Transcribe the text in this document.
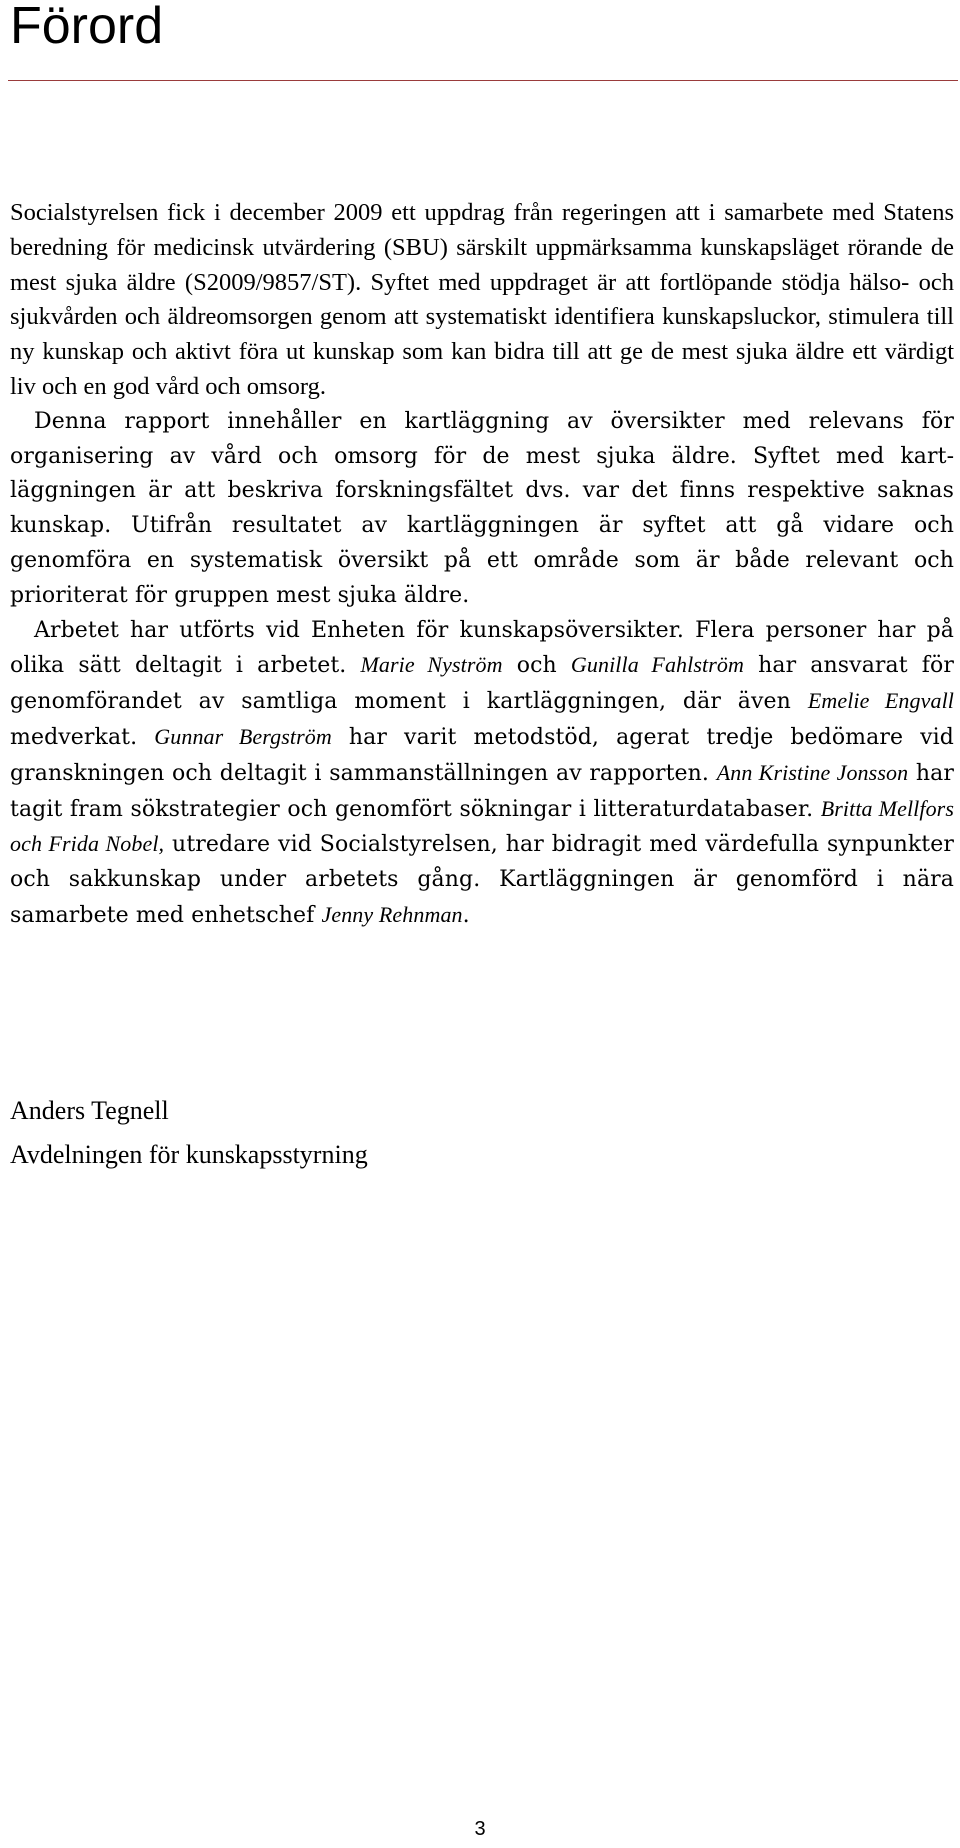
Förord

Socialstyrelsen fick i december 2009 ett uppdrag från regeringen att i samarbete med Statens beredning för medicinsk utvärdering (SBU) särskilt uppmärksamma kunskapsläget rörande de mest sjuka äldre (S2009/9857/ST). Syftet med uppdraget är att fortlöpande stödja hälso- och sjukvården och äldreomsorgen genom att systematiskt identifiera kunskapsluckor, stimulera till ny kunskap och aktivt föra ut kunskap som kan bidra till att ge de mest sjuka äldre ett värdigt liv och en god vård och omsorg.

Denna rapport innehåller en kartläggning av översikter med relevans för organisering av vård och omsorg för de mest sjuka äldre. Syftet med kartläggningen är att beskriva forskningsfältet dvs. var det finns respektive saknas kunskap. Utifrån resultatet av kartläggningen är syftet att gå vidare och genomföra en systematisk översikt på ett område som är både relevant och prioriterat för gruppen mest sjuka äldre.

Arbetet har utförts vid Enheten för kunskapsöversikter. Flera personer har på olika sätt deltagit i arbetet. Marie Nyström och Gunilla Fahlström har ansvarat för genomförandet av samtliga moment i kartläggningen, där även Emelie Engvall medverkat. Gunnar Bergström har varit metodstöd, agerat tredje bedömare vid granskningen och deltagit i sammanställningen av rapporten. Ann Kristine Jonsson har tagit fram sökstrategier och genomfört sökningar i litteraturdatabaser. Britta Mellfors och Frida Nobel, utredare vid Socialstyrelsen, har bidragit med värdefulla synpunkter och sakkunskap under arbetets gång. Kartläggningen är genomförd i nära samarbete med enhetschef Jenny Rehnman.

Anders Tegnell

Avdelningen för kunskapsstyrning

3
